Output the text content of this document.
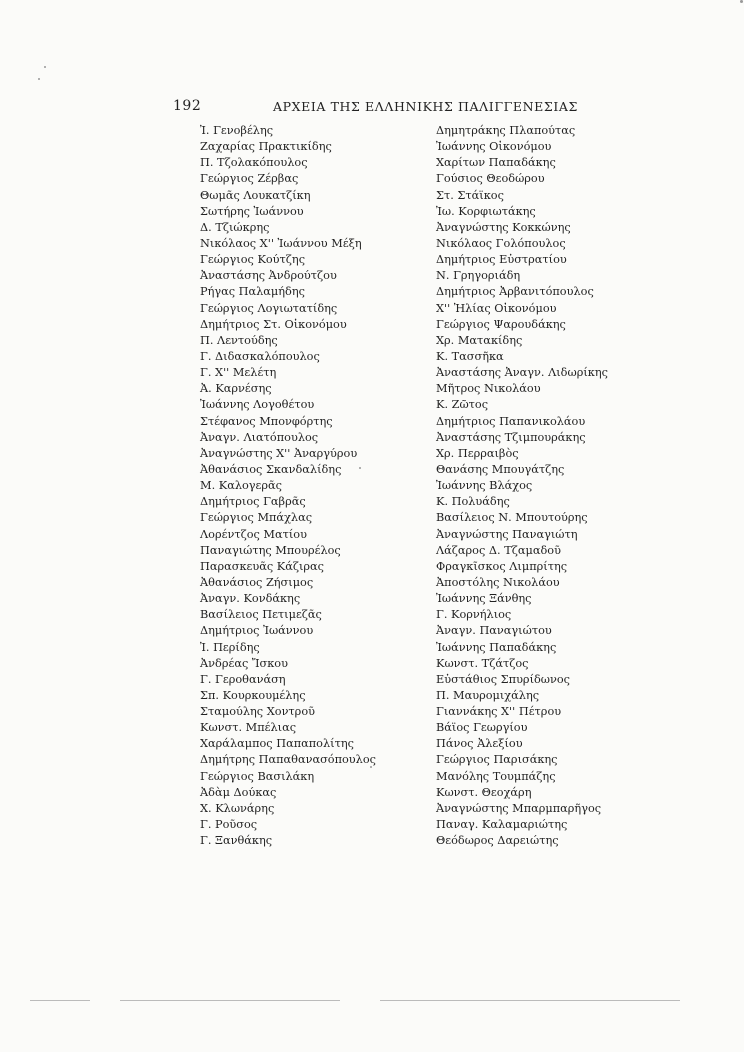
192	ΑΡΧΕΙΑ ΤΗΣ ΕΛΛΗΝΙΚΗΣ ΠΑΛΙΓΓΕΝΕΣΙΑΣ
Ἰ. Γενοβέλης
Ζαχαρίας Πρακτικίδης
Π. Τζολακόπουλος
Γεώργιος Ζέρβας
Θωμᾶς Λουκατζίκη
Σωτήρης Ἰωάννου
Δ. Τζιώκρης
Νικόλαος Χ'' Ἰωάννου Μέξη
Γεώργιος Κούτζης
Ἀναστάσης Ἀνδρούτζου
Ρήγας Παλαμήδης
Γεώργιος Λογιωτατίδης
Δημήτριος Στ. Οἰκονόμου
Π. Λεντούδης
Γ. Διδασκαλόπουλος
Γ. Χ'' Μελέτη
Ἀ. Καρνέσης
Ἰωάννης Λογοθέτου
Στέφανος Μπονφόρτης
Ἀναγν. Λιατόπουλος
Ἀναγνώστης Χ'' Ἀναργύρου
Ἀθανάσιος Σκανδαλίδης
Μ. Καλογερᾶς
Δημήτριος Γαβρᾶς
Γεώργιος Μπάχλας
Λορέντζος Ματίου
Παναγιώτης Μπουρέλος
Παρασκευᾶς Κάζιρας
Ἀθανάσιος Ζήσιμος
Ἀναγν. Κονδάκης
Βασίλειος Πετιμεζᾶς
Δημήτριος Ἰωάννου
Ἰ. Περίδης
Ἀνδρέας Ἴσκου
Γ. Γεροθανάση
Σπ. Κουρκουμέλης
Σταμούλης Χοντροῦ
Κωνστ. Μπέλιας
Χαράλαμπος Παπαπολίτης
Δημήτρης Παπαθανασόπουλος
Γεώργιος Βασιλάκη
Ἀδὰμ Δούκας
Χ. Κλωνάρης
Γ. Ρoῦσος
Γ. Ξανθάκης
Δημητράκης Πλαπούτας
Ἰωάννης Οἰκονόμου
Χαρίτων Παπαδάκης
Γούσιος Θεοδώρου
Στ. Στάϊκος
Ἰω. Κορφιωτάκης
Ἀναγνώστης Κοκκώνης
Νικόλαος Γολόπουλος
Δημήτριος Εὐστρατίου
Ν. Γρηγοριάδη
Δημήτριος Ἀρβανιτόπουλος
Χ'' Ἠλίας Οἰκονόμου
Γεώργιος Ψαρουδάκης
Χρ. Ματακίδης
Κ. Τασσῆκα
Ἀναστάσης Ἀναγν. Λιδωρίκης
Μῆτρος Νικολάου
Κ. Ζῶτος
Δημήτριος Παπανικολάου
Ἀναστάσης Τζιμπουράκης
Χρ. Περραιβὸς
Θανάσης Μπουγάτζης
Ἰωάννης Βλάχος
Κ. Πολυάδης
Βασίλειος Ν. Μπουτούρης
Ἀναγνώστης Παναγιώτη
Λάζαρος Δ. Τζαμαδοῦ
Φραγκῖσκος Λιμπρίτης
Ἀποστόλης Νικολάου
Ἰωάννης Ξάνθης
Γ. Κορνήλιος
Ἀναγν. Παναγιώτου
Ἰωάννης Παπαδάκης
Κωνστ. Τζάτζος
Εὐστάθιος Σπυρίδωνος
Π. Μαυρομιχάλης
Γιαννάκης Χ'' Πέτρου
Βάϊος Γεωργίου
Πάνος Ἀλεξίου
Γεώργιος Παρισάκης
Μανόλης Τουμπάζης
Κωνστ. Θεοχάρη
Ἀναγνώστης Μπαρμπαρῆγος
Παναγ. Καλαμαριώτης
Θεόδωρος Δαρειώτης
